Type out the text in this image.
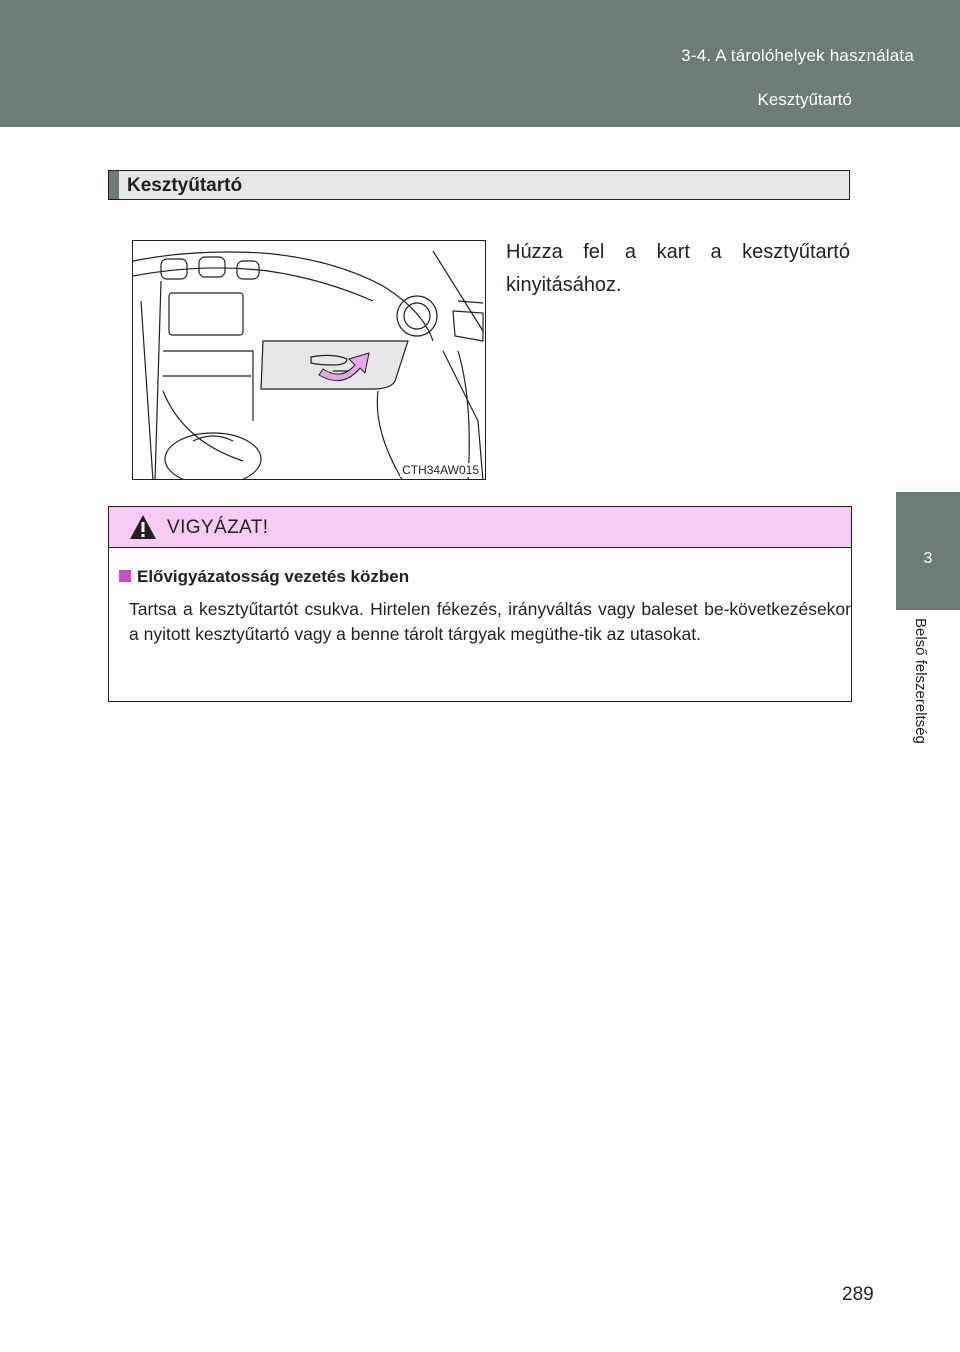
3-4. A tárolóhelyek használata
Kesztyűtartó
3
Belső felszereltség
Kesztyűtartó
CTH34AW015
Húzza fel a kart a kesztyűtartó kinyitásához.
VIGYÁZAT!
Elővigyázatosság vezetés közben
Tartsa a kesztyűtartót csukva. Hirtelen fékezés, irányváltás vagy baleset be-következésekor a nyitott kesztyűtartó vagy a benne tárolt tárgyak megüthe-tik az utasokat.
289
